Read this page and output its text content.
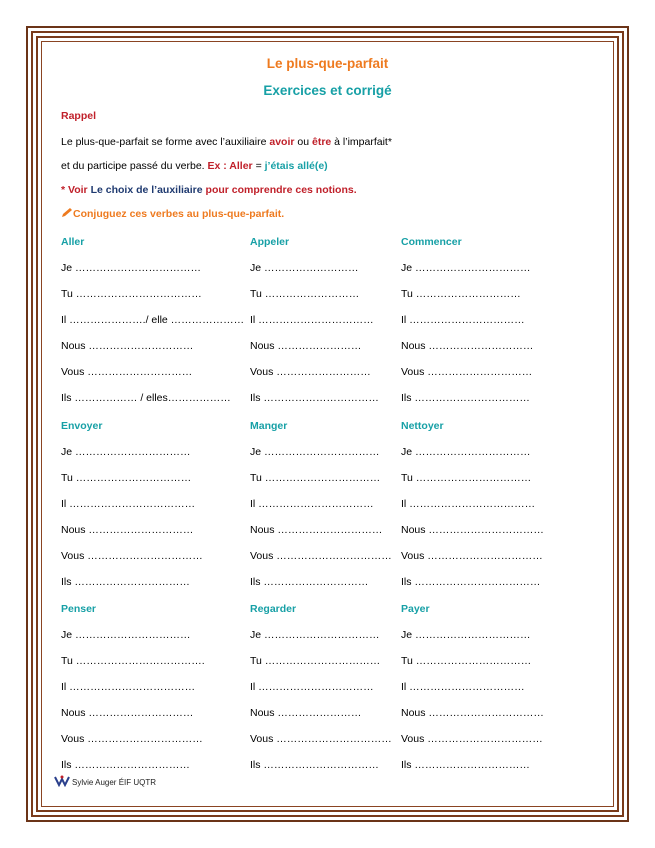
Le plus-que-parfait
Exercices et corrigé
Rappel
Le plus-que-parfait se forme avec l’auxiliaire avoir ou être à l’imparfait*
et du participe passé du verbe. Ex : Aller = j’étais allé(e)
* Voir Le choix de l’auxiliaire pour comprendre ces notions.
Conjuguez ces verbes au plus-que-parfait.
Aller
Je ………………………………
Tu ………………………………
Il …………………./ elle …………………
Nous …………………………
Vous …………………………
Ils ……………… / elles………………
Appeler
Je ………………………
Tu ………………………
Il ……………………………
Nous ……………………
Vous ………………………
Ils ……………………………
Commencer
Je ……………………………
Tu …………………………
Il ……………………………
Nous …………………………
Vous …………………………
Ils ……………………………
Envoyer
Je ……………………………
Tu ……………………………
Il ………………………………
Nous …………………………
Vous ……………………………
Ils ……………………………
Manger
Je ……………………………
Tu ……………………………
Il ……………………………
Nous …………………………
Vous ……………………………
Ils …………………………
Nettoyer
Je ……………………………
Tu ……………………………
Il ………………………………
Nous ……………………………
Vous ……………………………
Ils ………………………………
Penser
Je ……………………………
Tu ……………………………….
Il ………………………………
Nous …………………………
Vous ……………………………
Ils ……………………………
Regarder
Je ……………………………
Tu ……………………………
Il ……………………………
Nous ……………………
Vous ……………………………
Ils ……………………………
Payer
Je ……………………………
Tu ……………………………
Il ……………………………
Nous ……………………………
Vous ……………………………
Ils ……………………………
Sylvie Auger ÉIF UQTR
